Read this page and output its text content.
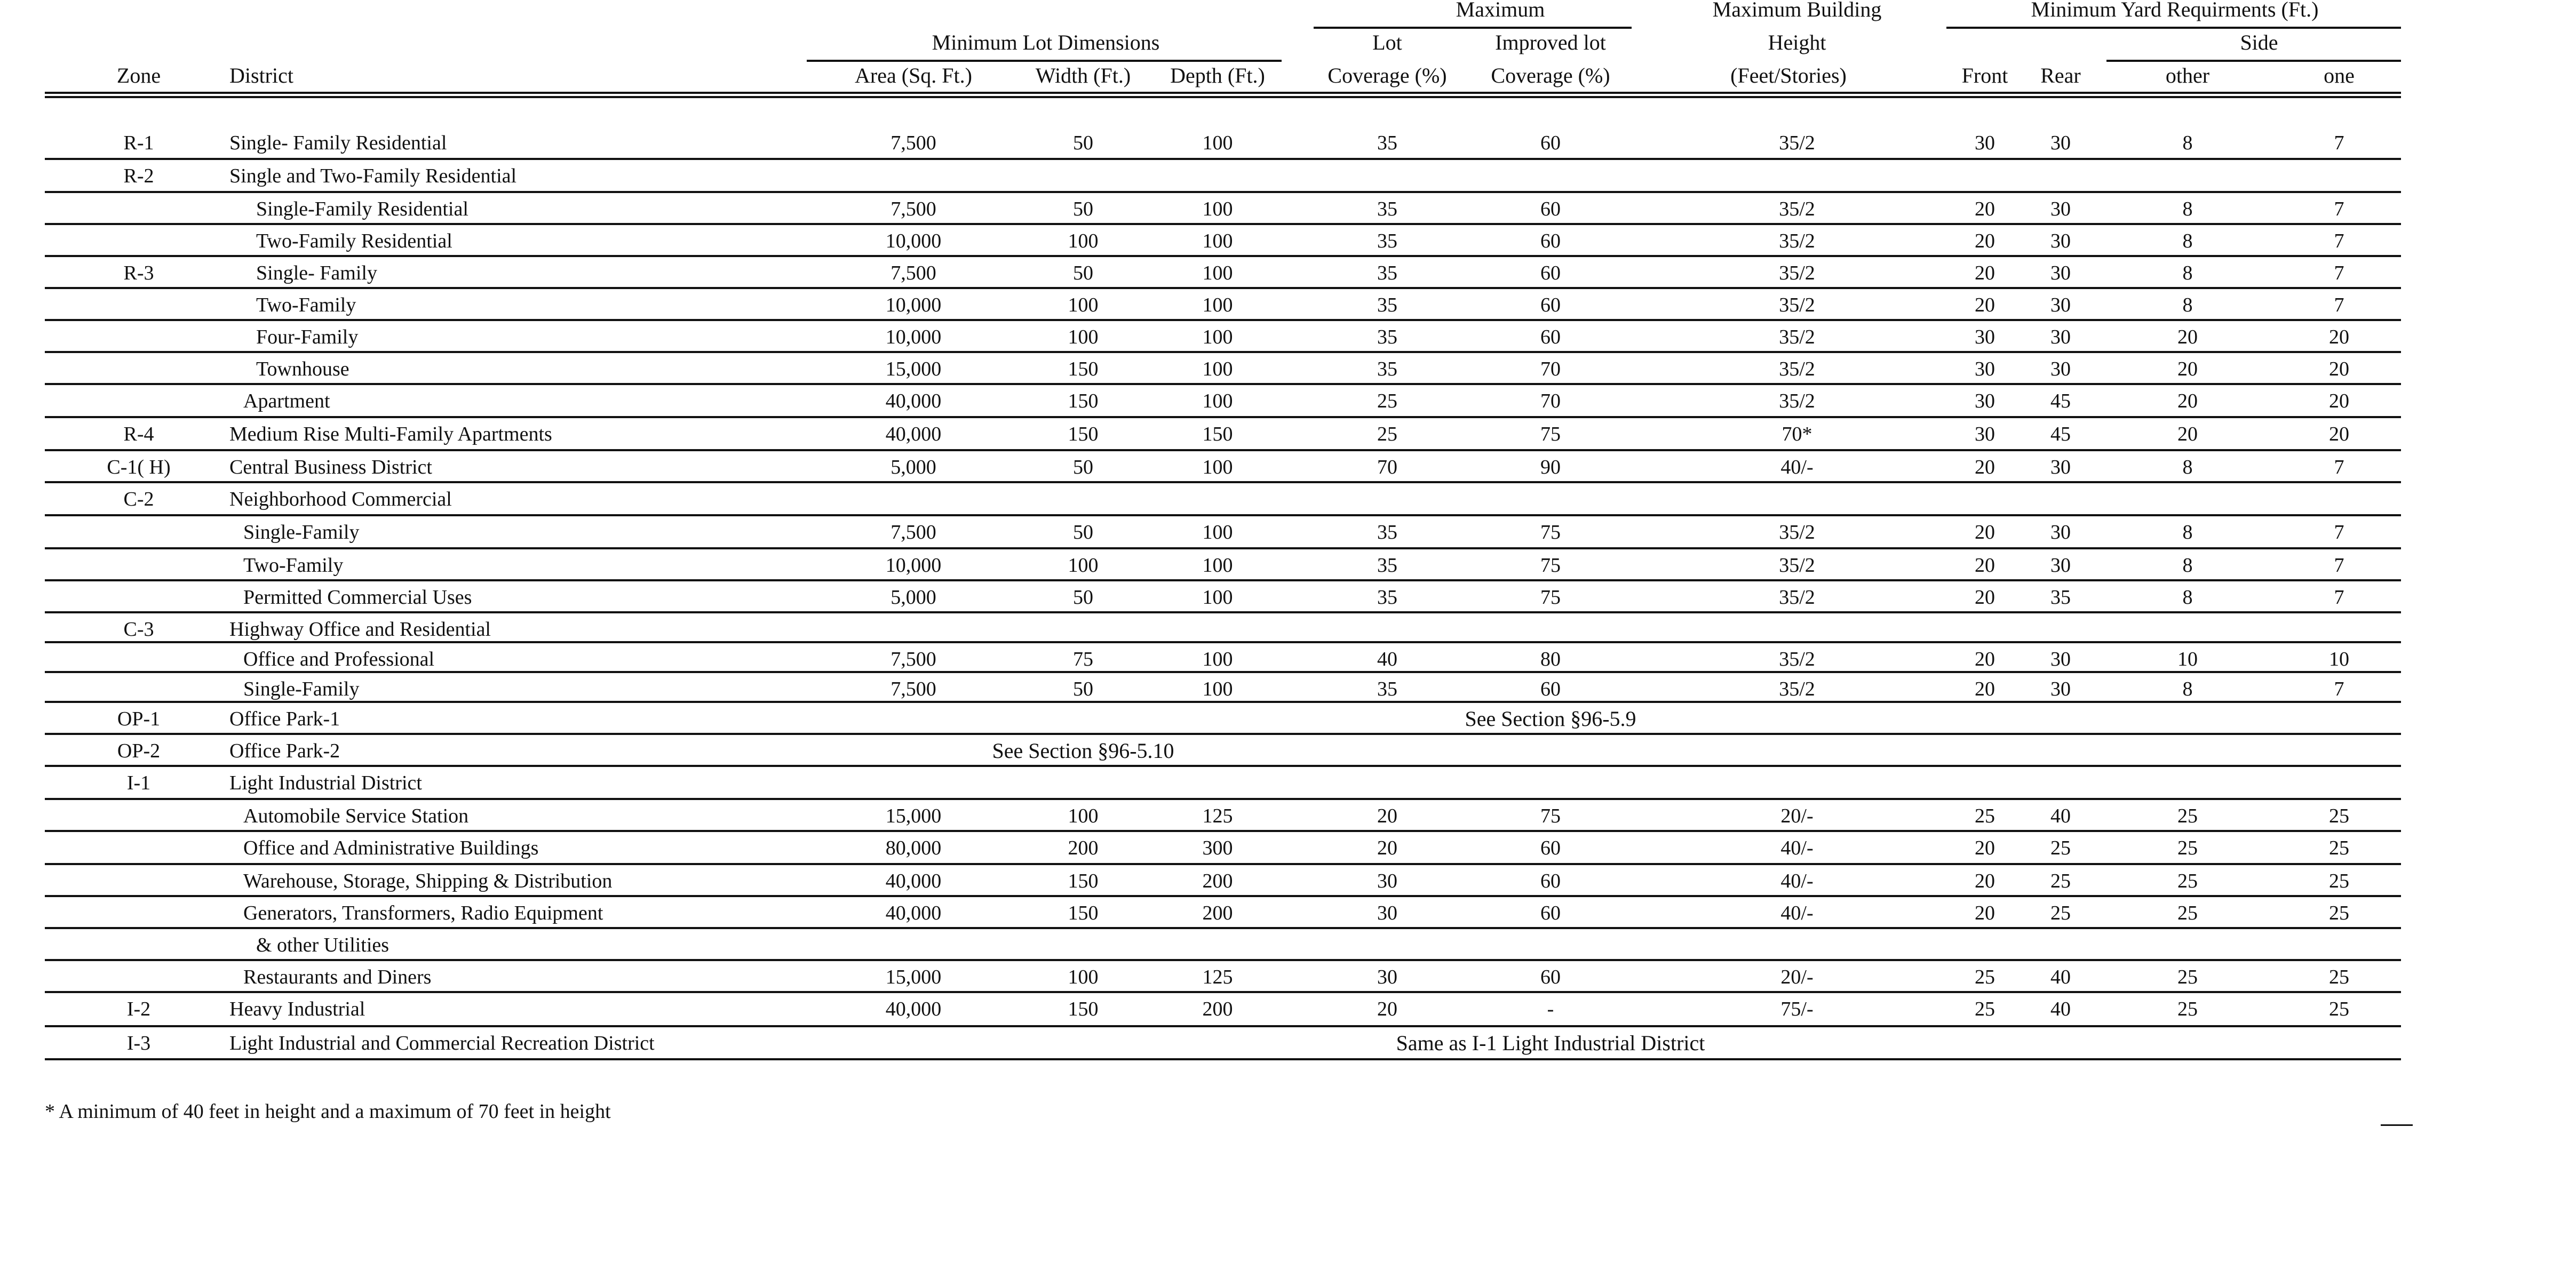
Minimum Lot Dimensions
Maximum	Maximum Building	Minimum Yard Requirments (Ft.)
Lot	Improved lot	Height	Side
Zone	District	Area (Sq. Ft.)	Width (Ft.) Depth (Ft.)	Coverage (%) Coverage (%)	(Feet/Stories)	Front Rear	other	one
R-1	Single- Family Residential	7,500	50	100	35	60	35/2	30	30	8	7
R-2	Single and Two-Family Residential
Single-Family Residential	7,500	50	100	35	60	35/2	20	30	8	7
Two-Family Residential	10,000	100	100	35	60	35/2	20	30	8	7
R-3	Single- Family	7,500	50	100	35	60	35/2	20	30	8	7
Two-Family	10,000	100	100	35	60	35/2	20	30	8	7
Four-Family	10,000	100	100	35	60	35/2	30	30	20	20
Townhouse	15,000	150	100	35	70	35/2	30	30	20	20
Apartment	40,000	150	100	25	70	35/2	30	45	20	20
R-4	Medium Rise Multi-Family Apartments	40,000	150	150	25	75	70*	30	45	20	20
C-1( H)	Central Business District	5,000	50	100	70	90	40/-	20	30	8	7
C-2	Neighborhood Commercial
Single-Family	7,500	50	100	35	75	35/2	20	30	8	7
Two-Family	10,000	100	100	35	75	35/2	20	30	8	7
Permitted Commercial Uses	5,000	50	100	35	75	35/2	20	35	8	7
C-3	Highway Office and Residential
Office and Professional	7,500	75	100	40	80	35/2	20	30	10	10
Single-Family	7,500	50	100	35	60	35/2	20	30	8	7
OP-1	Office Park-1	See Section §96-5.9
OP-2	Office Park-2	See Section §96-5.10
I-1	Light Industrial District
Automobile Service Station	15,000	100	125	20	75	20/-	25	40	25	25
Office and Administrative Buildings	80,000	200	300	20	60	40/-	20	25	25	25
Warehouse, Storage, Shipping & Distribution	40,000	150	200	30	60	40/-	20	25	25	25
Generators, Transformers, Radio Equipment	40,000	150	200	30	60	40/-	20	25	25	25
& other Utilities
Restaurants and Diners	15,000	100	125	30	60	20/-	25	40	25	25
I-2	Heavy Industrial	40,000	150	200	20	-	75/-	25	40	25	25
I-3	Light Industrial and Commercial Recreation District	Same as I-1 Light Industrial District
* A minimum of 40 feet in height and a maximum of 70 feet in height
